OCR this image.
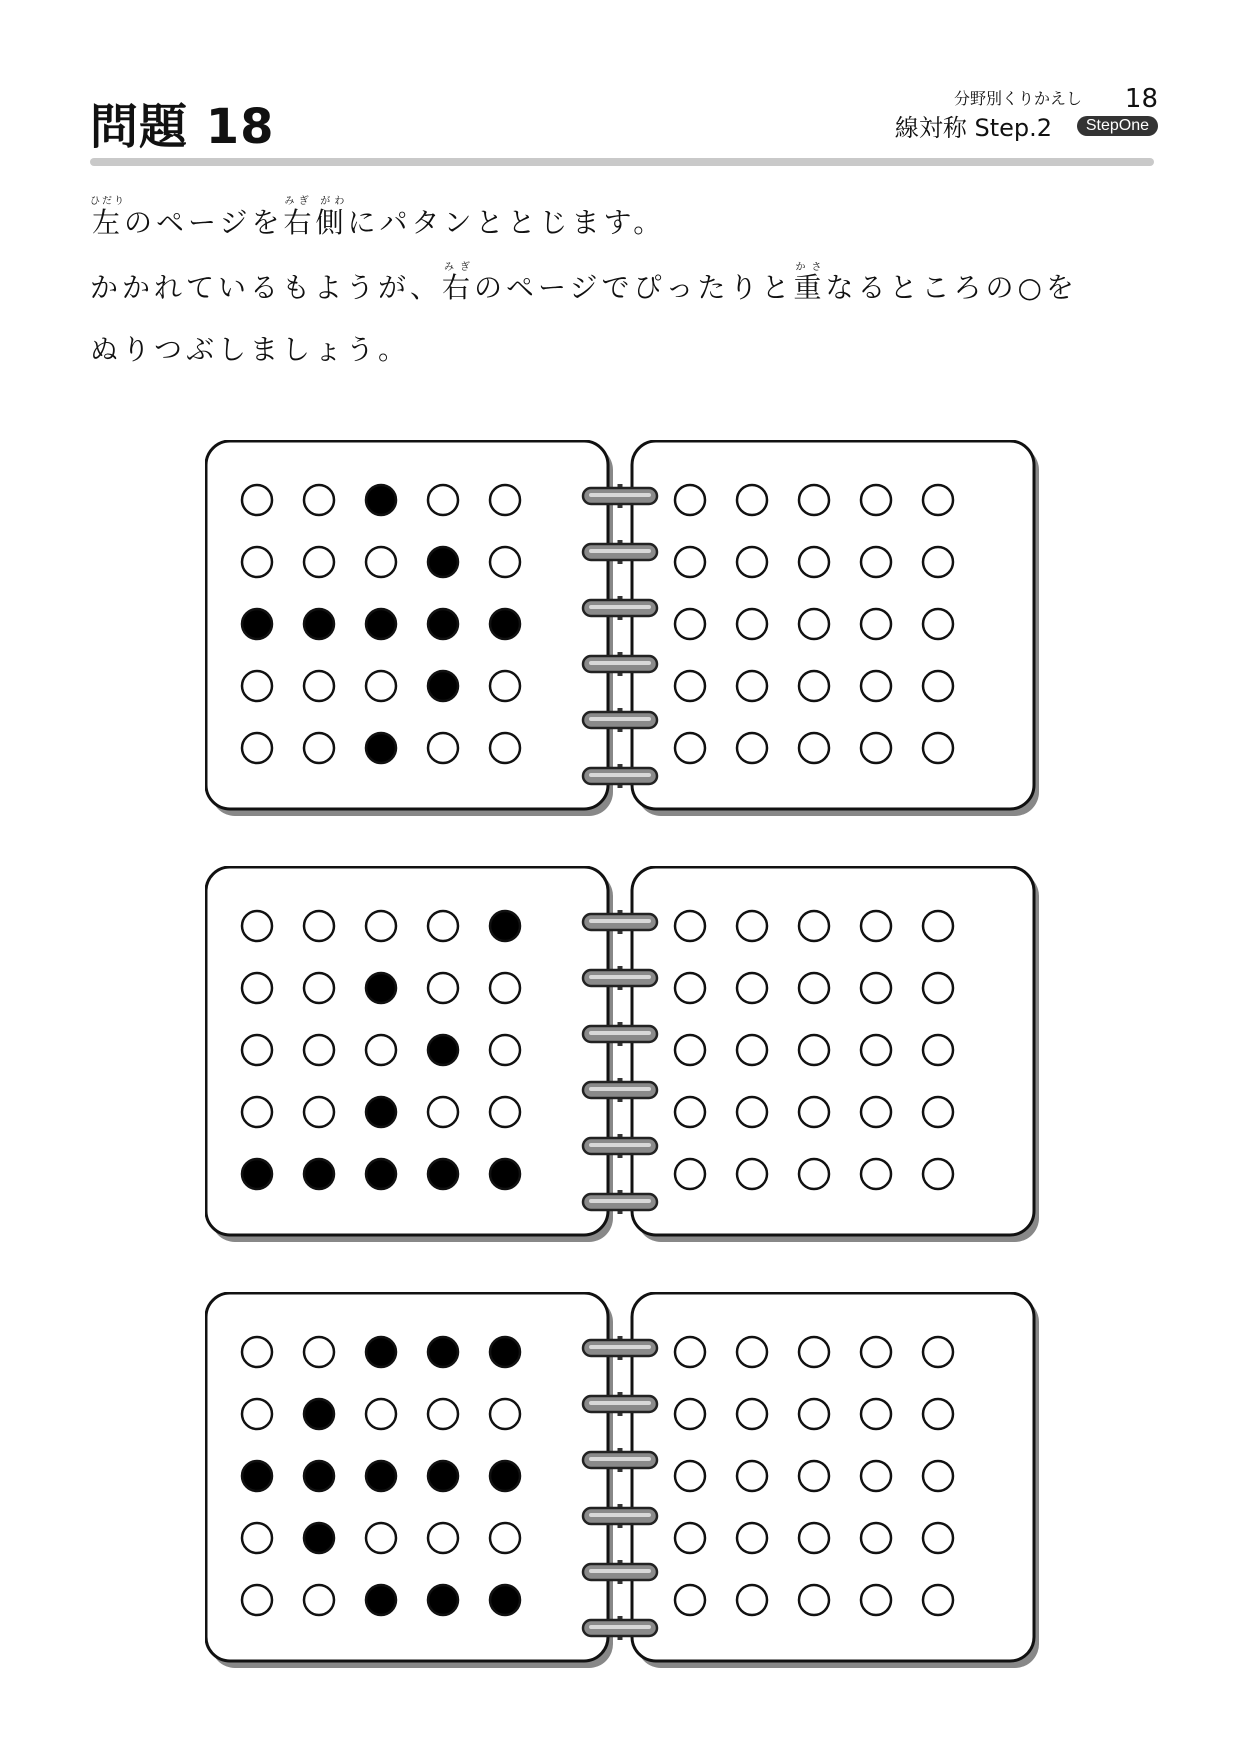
問題 18
分野別くりかえし
線対称 Step.2
18
StepOne
左ひだりのページを右側みぎ がわにパタンととじます。
かかれているもようが、右みぎのページでぴったりと重かさなるところの○を
ぬりつぶしましょう。
